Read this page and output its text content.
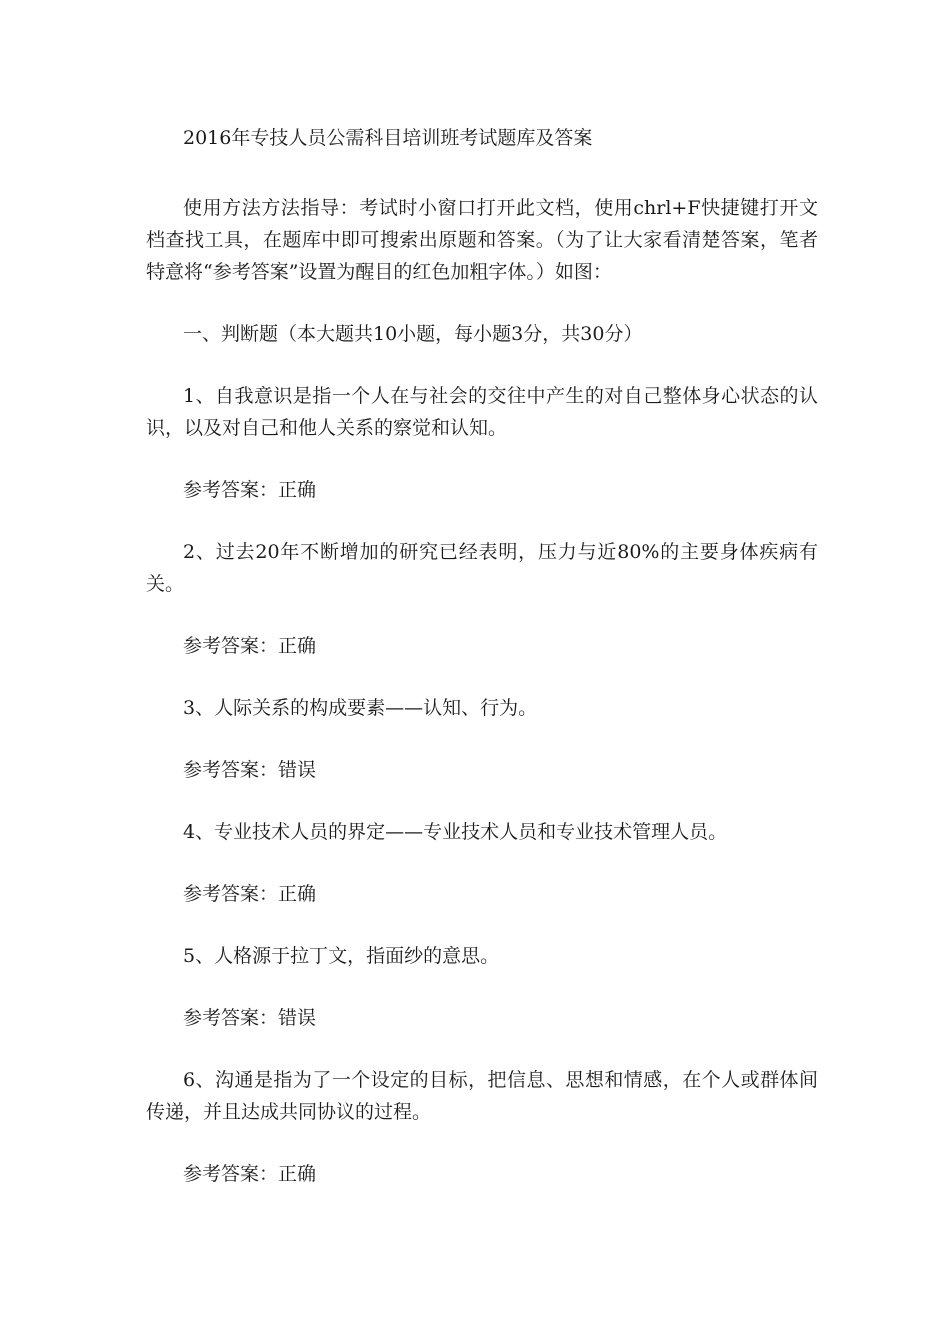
2016年专技人员公需科目培训班考试题库及答案

使用方法方法指导：考试时小窗口打开此文档，使用chrl+F快捷键打开文档查找工具，在题库中即可搜索出原题和答案。（为了让大家看清楚答案，笔者特意将“参考答案”设置为醒目的红色加粗字体。）如图：

一、判断题（本大题共10小题，每小题3分，共30分）

1、自我意识是指一个人在与社会的交往中产生的对自己整体身心状态的认识，以及对自己和他人关系的察觉和认知。

参考答案：正确

2、过去20年不断增加的研究已经表明，压力与近80%的主要身体疾病有关。

参考答案：正确

3、人际关系的构成要素——认知、行为。

参考答案：错误

4、专业技术人员的界定——专业技术人员和专业技术管理人员。

参考答案：正确

5、人格源于拉丁文，指面纱的意思。

参考答案：错误

6、沟通是指为了一个设定的目标，把信息、思想和情感，在个人或群体间传递，并且达成共同协议的过程。

参考答案：正确
